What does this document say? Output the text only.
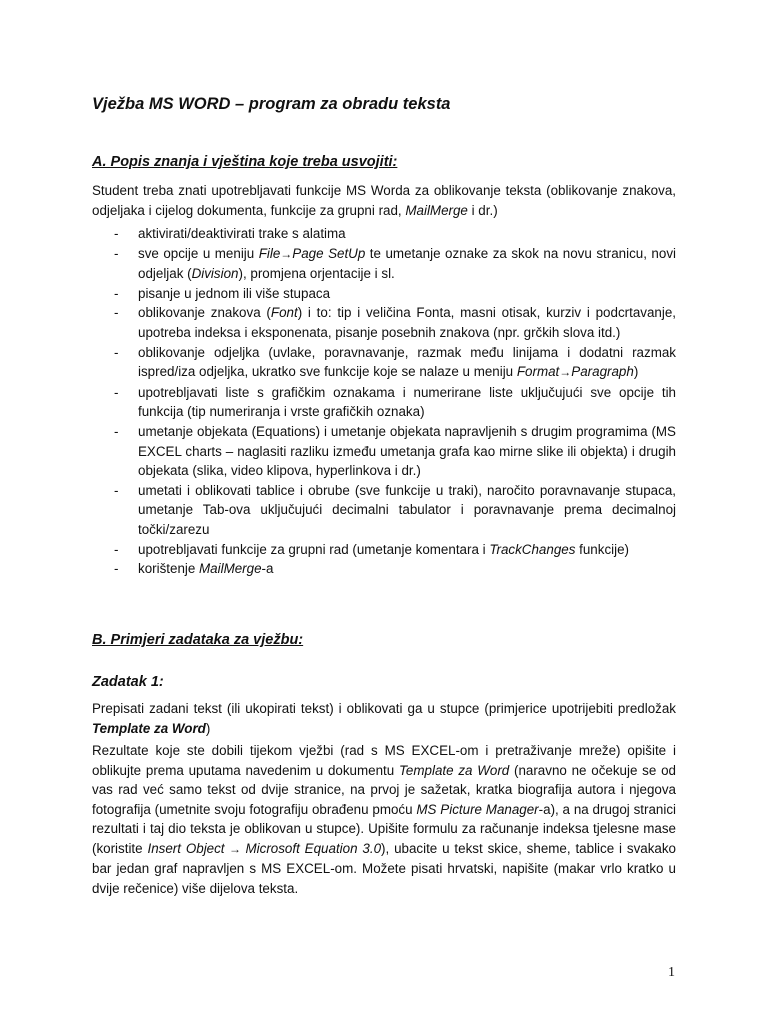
Vježba MS WORD – program za obradu teksta
A. Popis znanja i vještina koje treba usvojiti:

Student treba znati upotrebljavati funkcije MS Worda za oblikovanje teksta (oblikovanje znakova, odjeljaka i cijelog dokumenta, funkcije za grupni rad, MailMerge i dr.)

- aktivirati/deaktivirati trake s alatima
- sve opcije u meniju File→Page SetUp te umetanje oznake za skok na novu stranicu, novi odjeljak (Division), promjena orjentacije i sl.
- pisanje u jednom ili više stupaca
- oblikovanje znakova (Font) i to: tip i veličina Fonta, masni otisak, kurziv i podcrtavanje, upotreba indeksa i eksponenata, pisanje posebnih znakova (npr. grčkih slova itd.)
- oblikovanje odjeljka (uvlake, poravnavanje, razmak među linijama i dodatni razmak ispred/iza odjeljka, ukratko sve funkcije koje se nalaze u meniju Format→Paragraph)
- upotrebljavati liste s grafičkim oznakama i numerirane liste uključujući sve opcije tih funkcija (tip numeriranja i vrste grafičkih oznaka)
- umetanje objekata (Equations) i umetanje objekata napravljenih s drugim programima (MS EXCEL charts – naglasiti razliku između umetanja grafa kao mirne slike ili objekta) i drugih objekata (slika, video klipova, hyperlinkova i dr.)
- umetati i oblikovati tablice i obrube (sve funkcije u traki), naročito poravnavanje stupaca, umetanje Tab-ova uključujući decimalni tabulator i poravnavanje prema decimalnoj točki/zarezu
- upotrebljavati funkcije za grupni rad (umetanje komentara i TrackChanges funkcije)
- korištenje MailMerge-a
B. Primjeri zadataka za vježbu:
Zadatak 1:

Prepisati zadani tekst (ili ukopirati tekst) i oblikovati ga u stupce (primjerice upotrijebiti predložak Template za Word)

Rezultate koje ste dobili tijekom vježbi (rad s MS EXCEL-om i pretraživanje mreže) opišite i oblikujte prema uputama navedenim u dokumentu Template za Word (naravno ne očekuje se od vas rad već samo tekst od dvije stranice, na prvoj je sažetak, kratka biografija autora i njegova fotografija (umetnite svoju fotografiju obrađenu pmoću MS Picture Manager-a), a na drugoj stranici rezultati i taj dio teksta je oblikovan u stupce). Upišite formulu za računanje indeksa tjelesne mase (koristite Insert Object → Microsoft Equation 3.0), ubacite u tekst skice, sheme, tablice i svakako bar jedan graf napravljen s MS EXCEL-om. Možete pisati hrvatski, napišite (makar vrlo kratko u dvije rečenice) više dijelova teksta.

1
